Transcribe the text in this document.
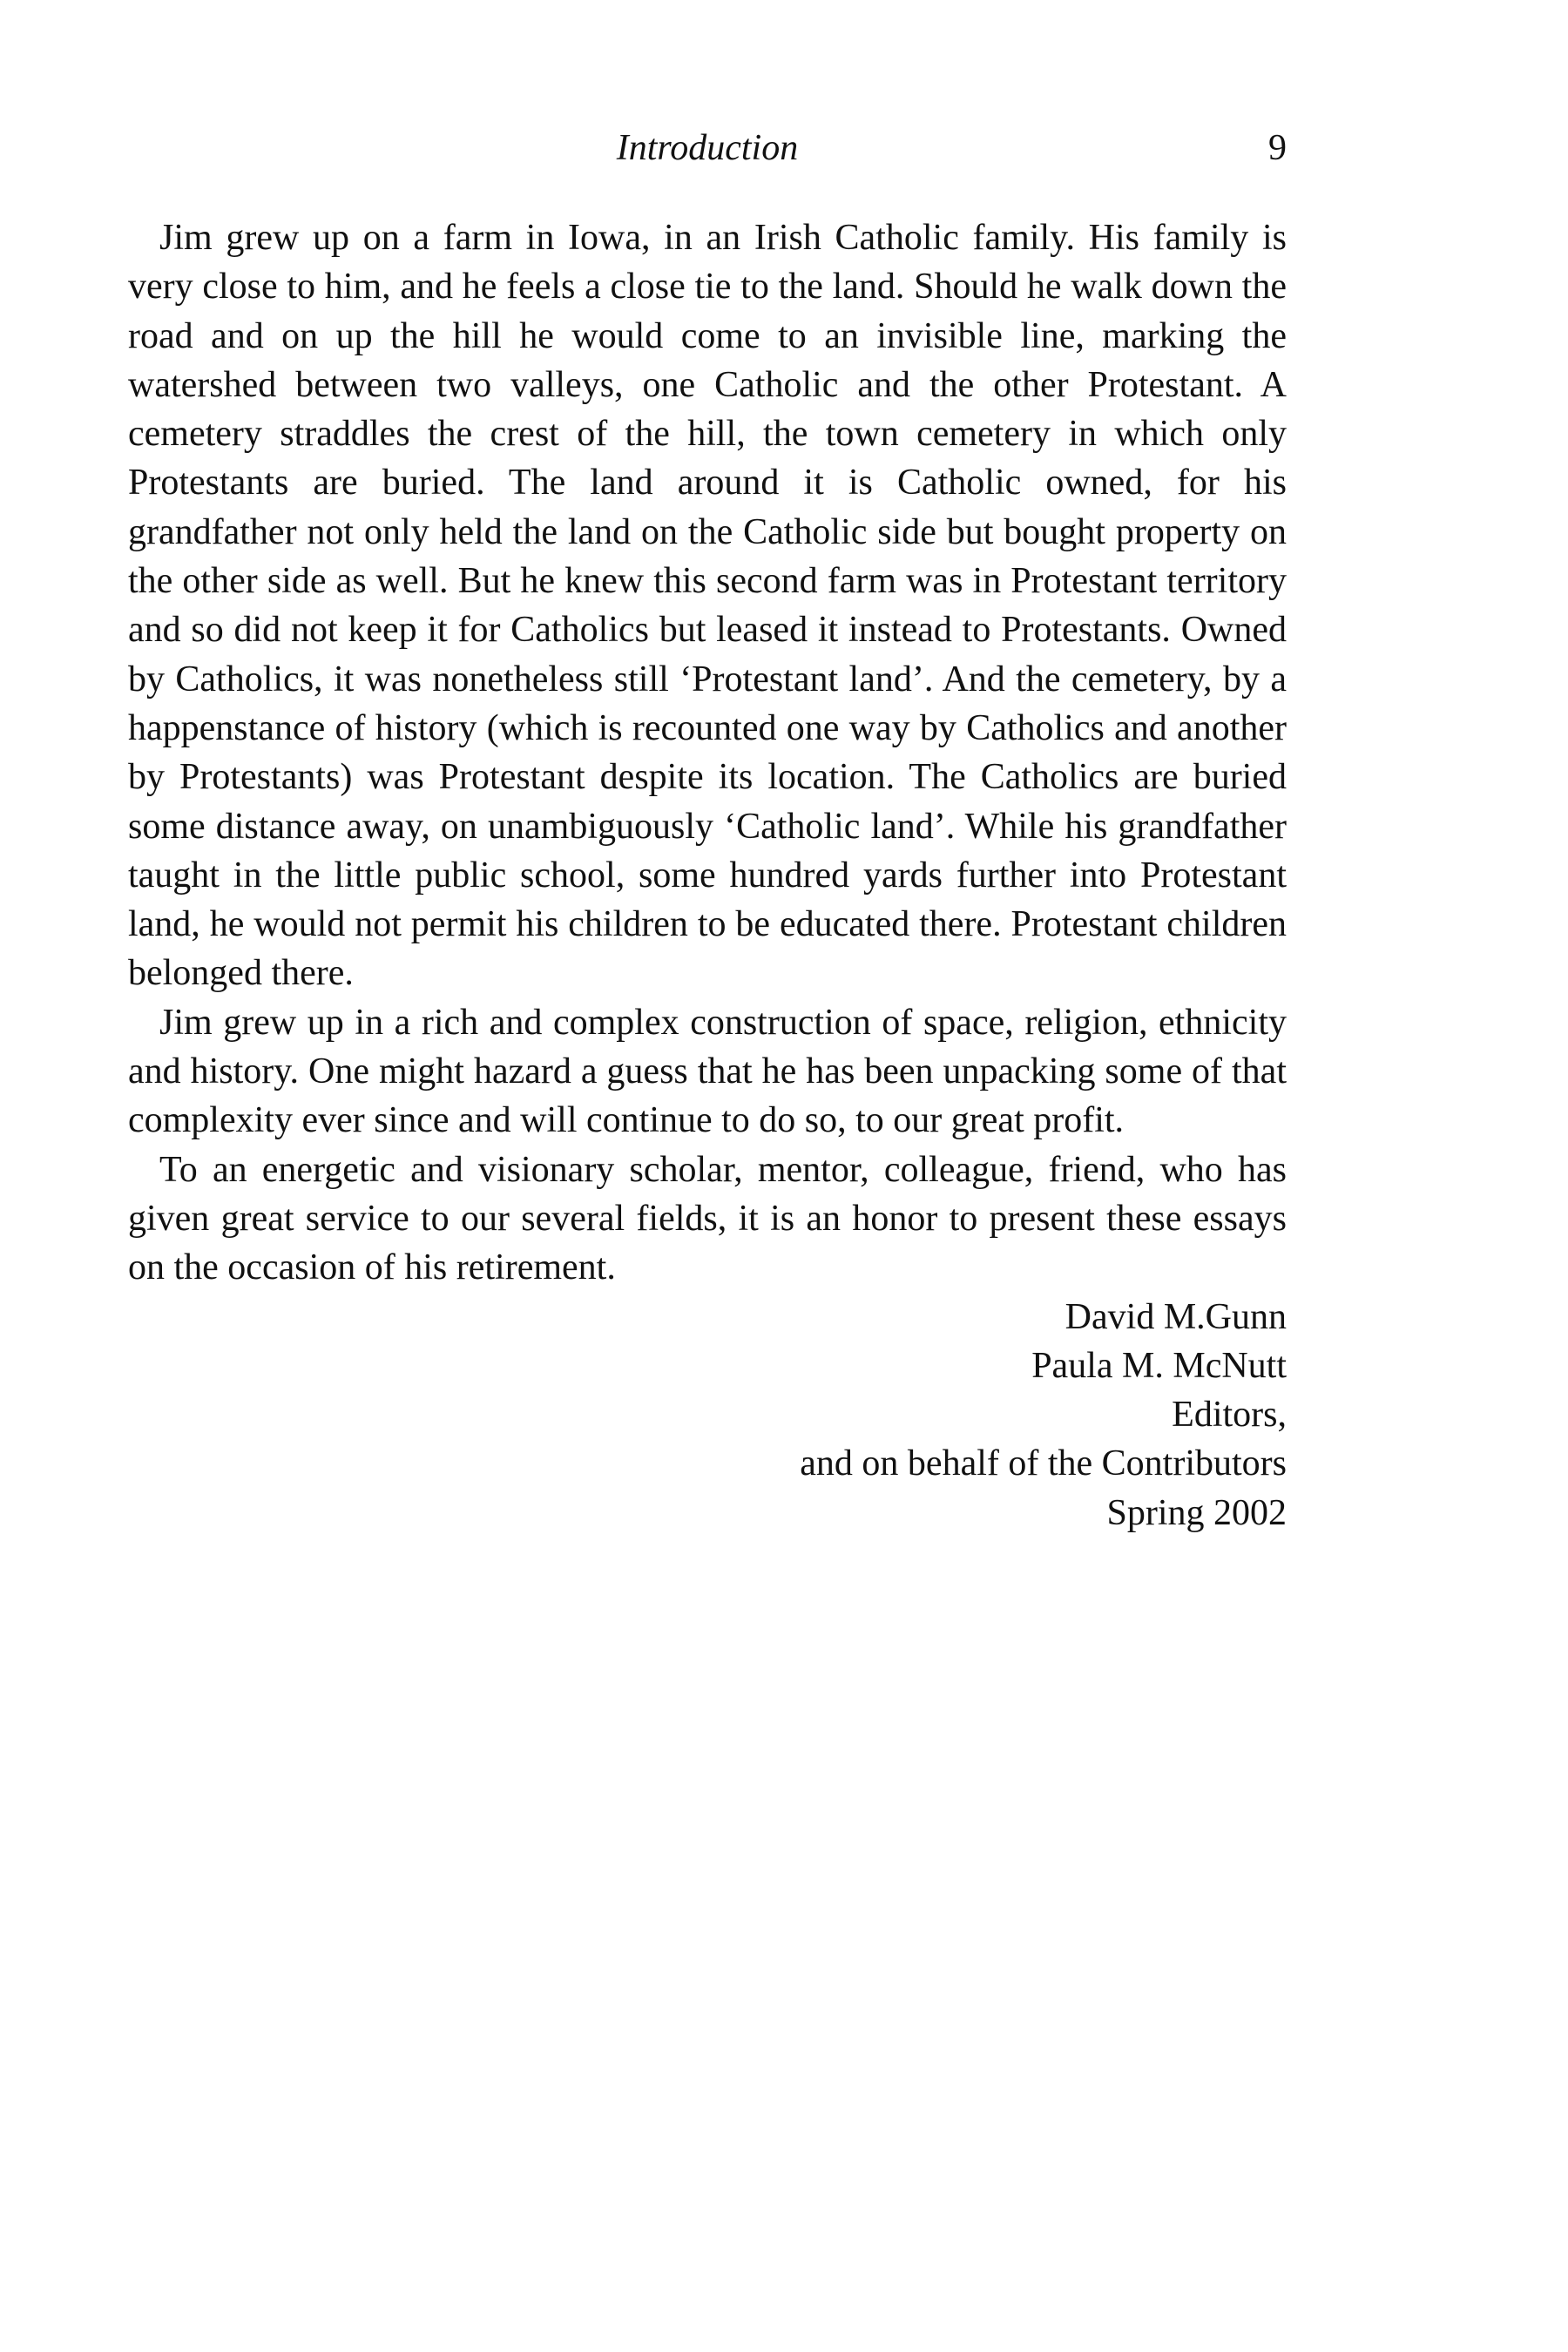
Introduction	9

Jim grew up on a farm in Iowa, in an Irish Catholic family. His family is very close to him, and he feels a close tie to the land. Should he walk down the road and on up the hill he would come to an invisible line, marking the watershed between two valleys, one Catholic and the other Protestant. A cemetery straddles the crest of the hill, the town cemetery in which only Protestants are buried. The land around it is Catholic owned, for his grandfather not only held the land on the Catholic side but bought property on the other side as well. But he knew this second farm was in Protestant territory and so did not keep it for Catholics but leased it instead to Protestants. Owned by Catholics, it was nonetheless still ‘Protestant land’. And the cemetery, by a happenstance of history (which is recounted one way by Catholics and another by Protestants) was Protestant despite its location. The Catholics are buried some distance away, on unambiguously ‘Catholic land’. While his grandfather taught in the little public school, some hundred yards further into Protestant land, he would not permit his children to be educated there. Protestant children belonged there.

Jim grew up in a rich and complex construction of space, religion, ethnicity and history. One might hazard a guess that he has been unpacking some of that complexity ever since and will continue to do so, to our great profit.

To an energetic and visionary scholar, mentor, colleague, friend, who has given great service to our several fields, it is an honor to present these essays on the occasion of his retirement.

David M.Gunn
Paula M. McNutt
Editors,
and on behalf of the Contributors
Spring 2002
